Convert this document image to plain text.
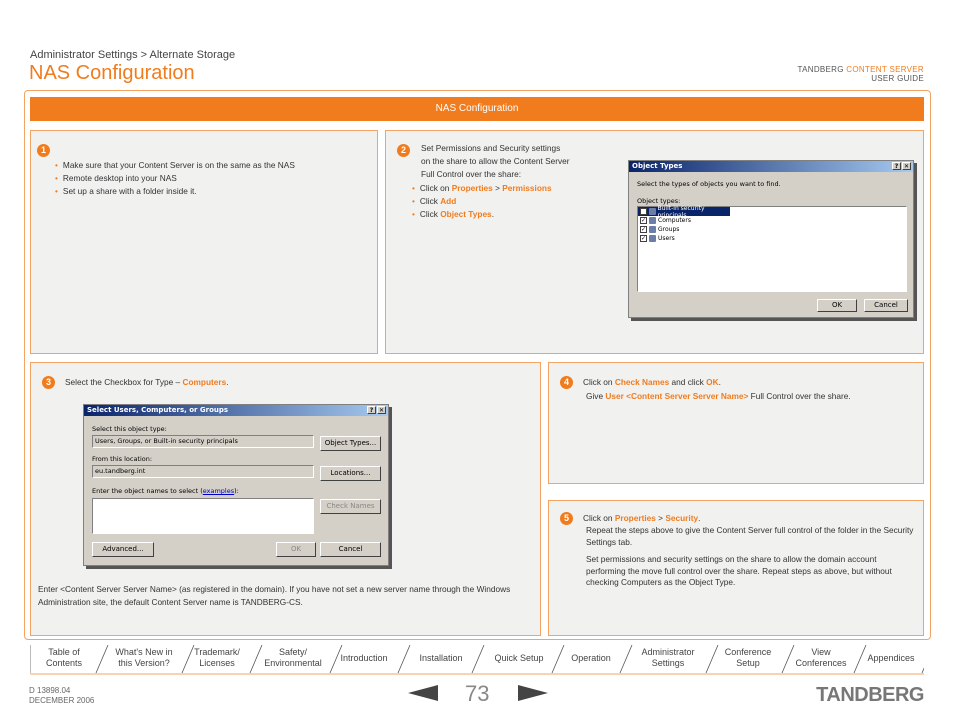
Administrator Settings > Alternate Storage
NAS Configuration	TANDBERG CONTENT SERVER
USER GUIDE
NAS Configuration
1
• Make sure that your Content Server is on the same as the NAS
• Remote desktop into your NAS
• Set up a share with a folder inside it.
2	Set Permissions and Security settings
on the share to allow the Content Server
Full Control over the share:
• Click on Properties > Permissions
• Click Add
• Click Object Types.
Object Types	? ✕
Select the types of objects you want to find.
Object types:
✓ Built-in security principals
✓ Computers
✓ Groups
✓ Users
OK	Cancel
3	Select the Checkbox for Type – Computers.
Select Users, Computers, or Groups	? ✕
Select this object type:
Users, Groups, or Built-in security principals	Object Types...
From this location:
eu.tandberg.int	Locations...
Enter the object names to select (examples):
Check Names
Advanced...	OK	Cancel
Enter <Content Server Server Name> (as registered in the domain). If you have not set a new server name through the Windows Administration site, the default Content Server name is TANDBERG-CS.
4	Click on Check Names and click OK.
Give User <Content Server Server Name> Full Control over the share.
5	Click on Properties > Security.
Repeat the steps above to give the Content Server full control of the folder in the Security Settings tab.
Set permissions and security settings on the share to allow the domain account performing the move full control over the share. Repeat steps as above, but without checking Computers as the Object Type.
Table of
Contents
What's New in
this Version?
Trademark/
Licenses
Safety/
Environmental	Introduction	Installation	Quick Setup	Operation
Administrator
Settings
Conference
Setup
View
Conferences	Appendices
D 13898.04
DECEMBER 2006	73	TANDBERG
